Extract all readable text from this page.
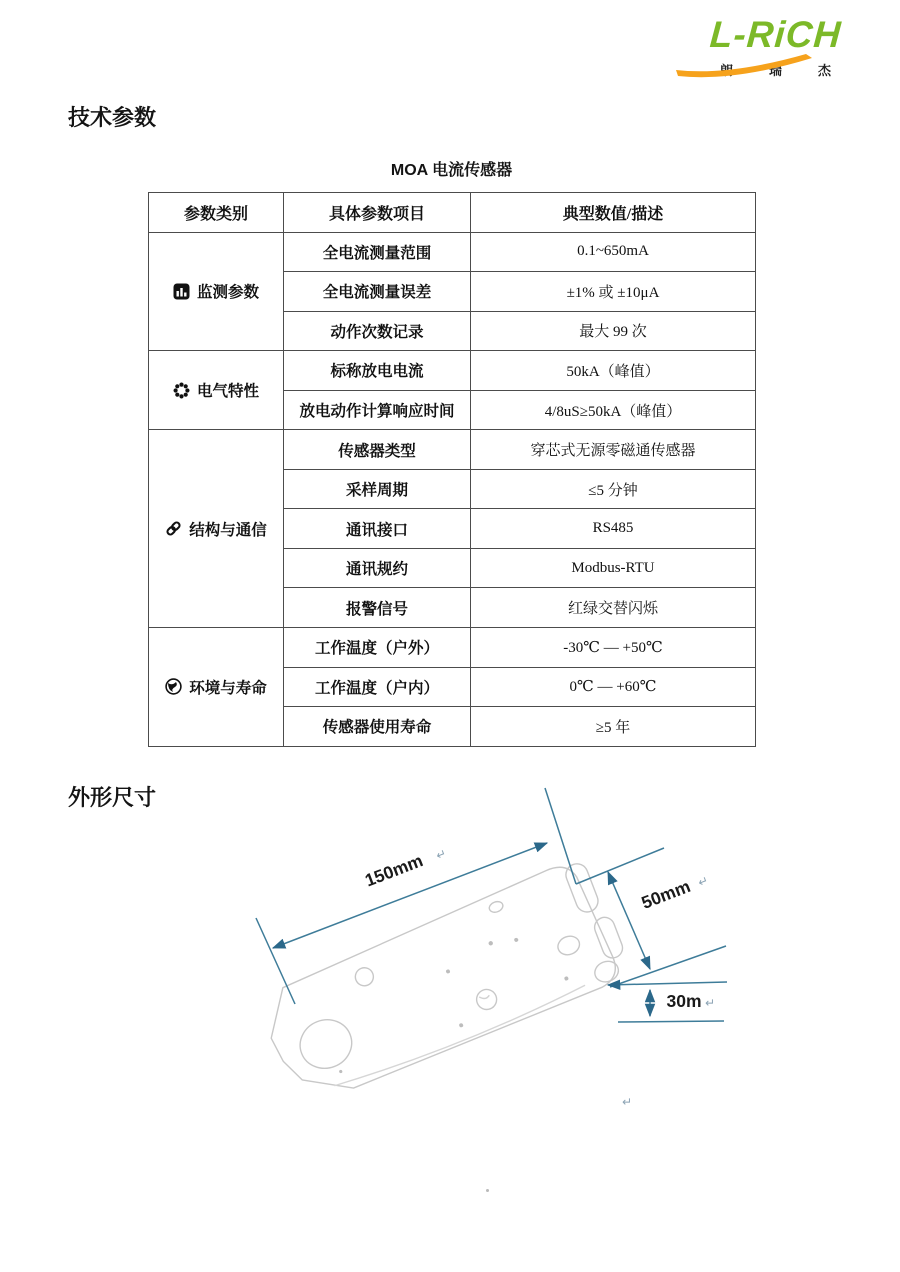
L-RiCH
朗瑞杰
技术参数
MOA 电流传感器
参数类别	具体参数项目	典型数值/描述

监测参数	全电流测量范围	0.1~650mA
	全电流测量误差	±1% 或 ±10μA
	动作次数记录	最大 99 次

电气特性	标称放电电流	50kA（峰值）
	放电动作计算响应时间	4/8uS≥50kA（峰值）

结构与通信	传感器类型	穿芯式无源零磁通传感器
	采样周期	≤5 分钟
	通讯接口	RS485
	通讯规约	Modbus-RTU
	报警信号	红绿交替闪烁

环境与寿命	工作温度（户外）	-30℃ — +50℃
	工作温度（户内）	0℃ — +60℃
	传感器使用寿命	≥5 年
外形尺寸
150mm ↵
50mm ↵
30m ↵
↵
